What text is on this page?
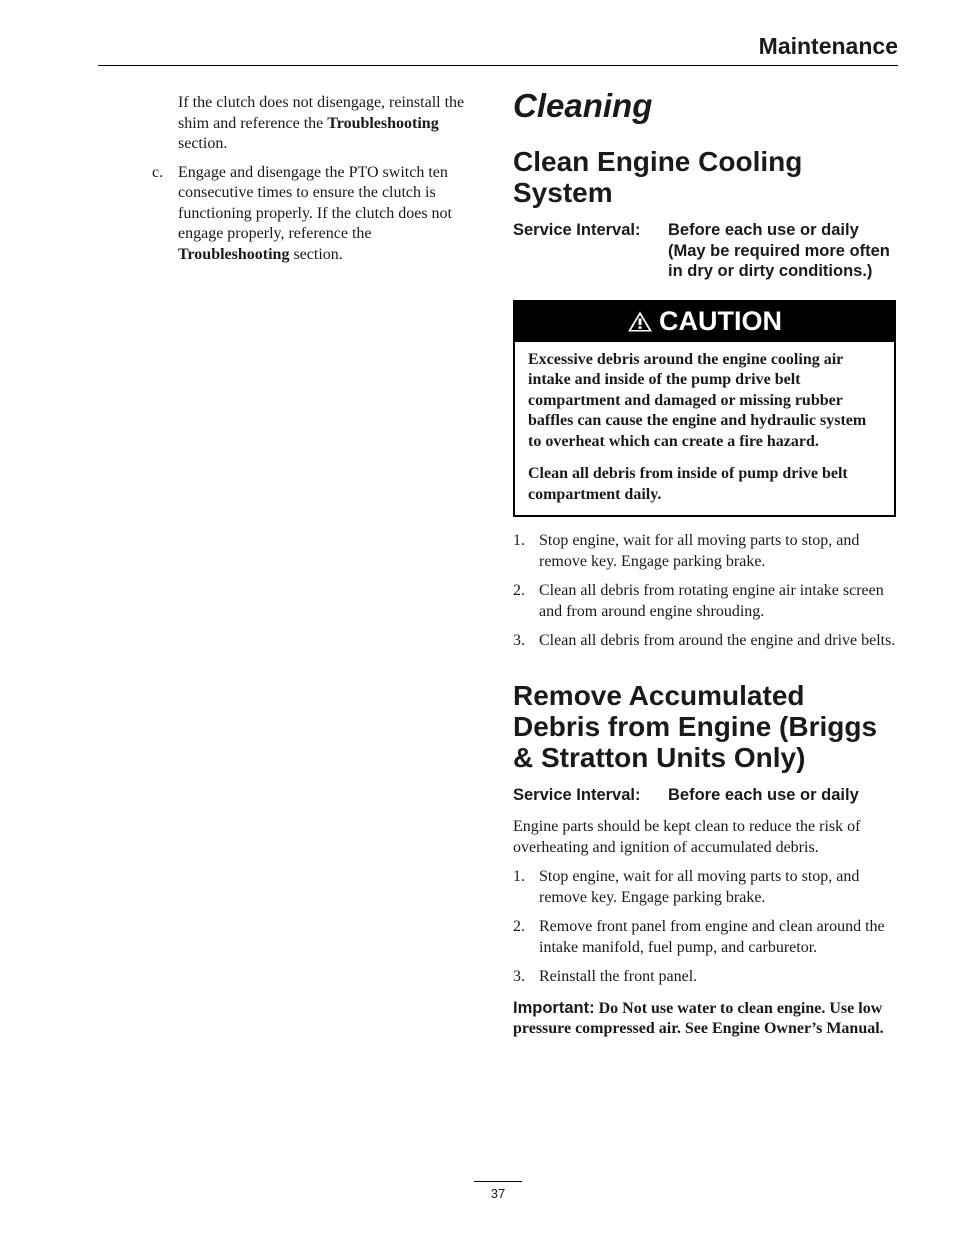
Maintenance

If the clutch does not disengage, reinstall the shim and reference the Troubleshooting section.

c. Engage and disengage the PTO switch ten consecutive times to ensure the clutch is functioning properly. If the clutch does not engage properly, reference the Troubleshooting section.
Cleaning
Clean Engine Cooling System
Service Interval:	Before each use or daily (May be required more often in dry or dirty conditions.)
CAUTION

Excessive debris around the engine cooling air intake and inside of the pump drive belt compartment and damaged or missing rubber baffles can cause the engine and hydraulic system to overheat which can create a fire hazard.

Clean all debris from inside of pump drive belt compartment daily.

1. Stop engine, wait for all moving parts to stop, and remove key. Engage parking brake.
2. Clean all debris from rotating engine air intake screen and from around engine shrouding.
3. Clean all debris from around the engine and drive belts.
Remove Accumulated Debris from Engine (Briggs & Stratton Units Only)
Service Interval:	Before each use or daily

Engine parts should be kept clean to reduce the risk of overheating and ignition of accumulated debris.

1. Stop engine, wait for all moving parts to stop, and remove key. Engage parking brake.
2. Remove front panel from engine and clean around the intake manifold, fuel pump, and carburetor.
3. Reinstall the front panel.

Important: Do Not use water to clean engine. Use low pressure compressed air. See Engine Owner’s Manual.

37
